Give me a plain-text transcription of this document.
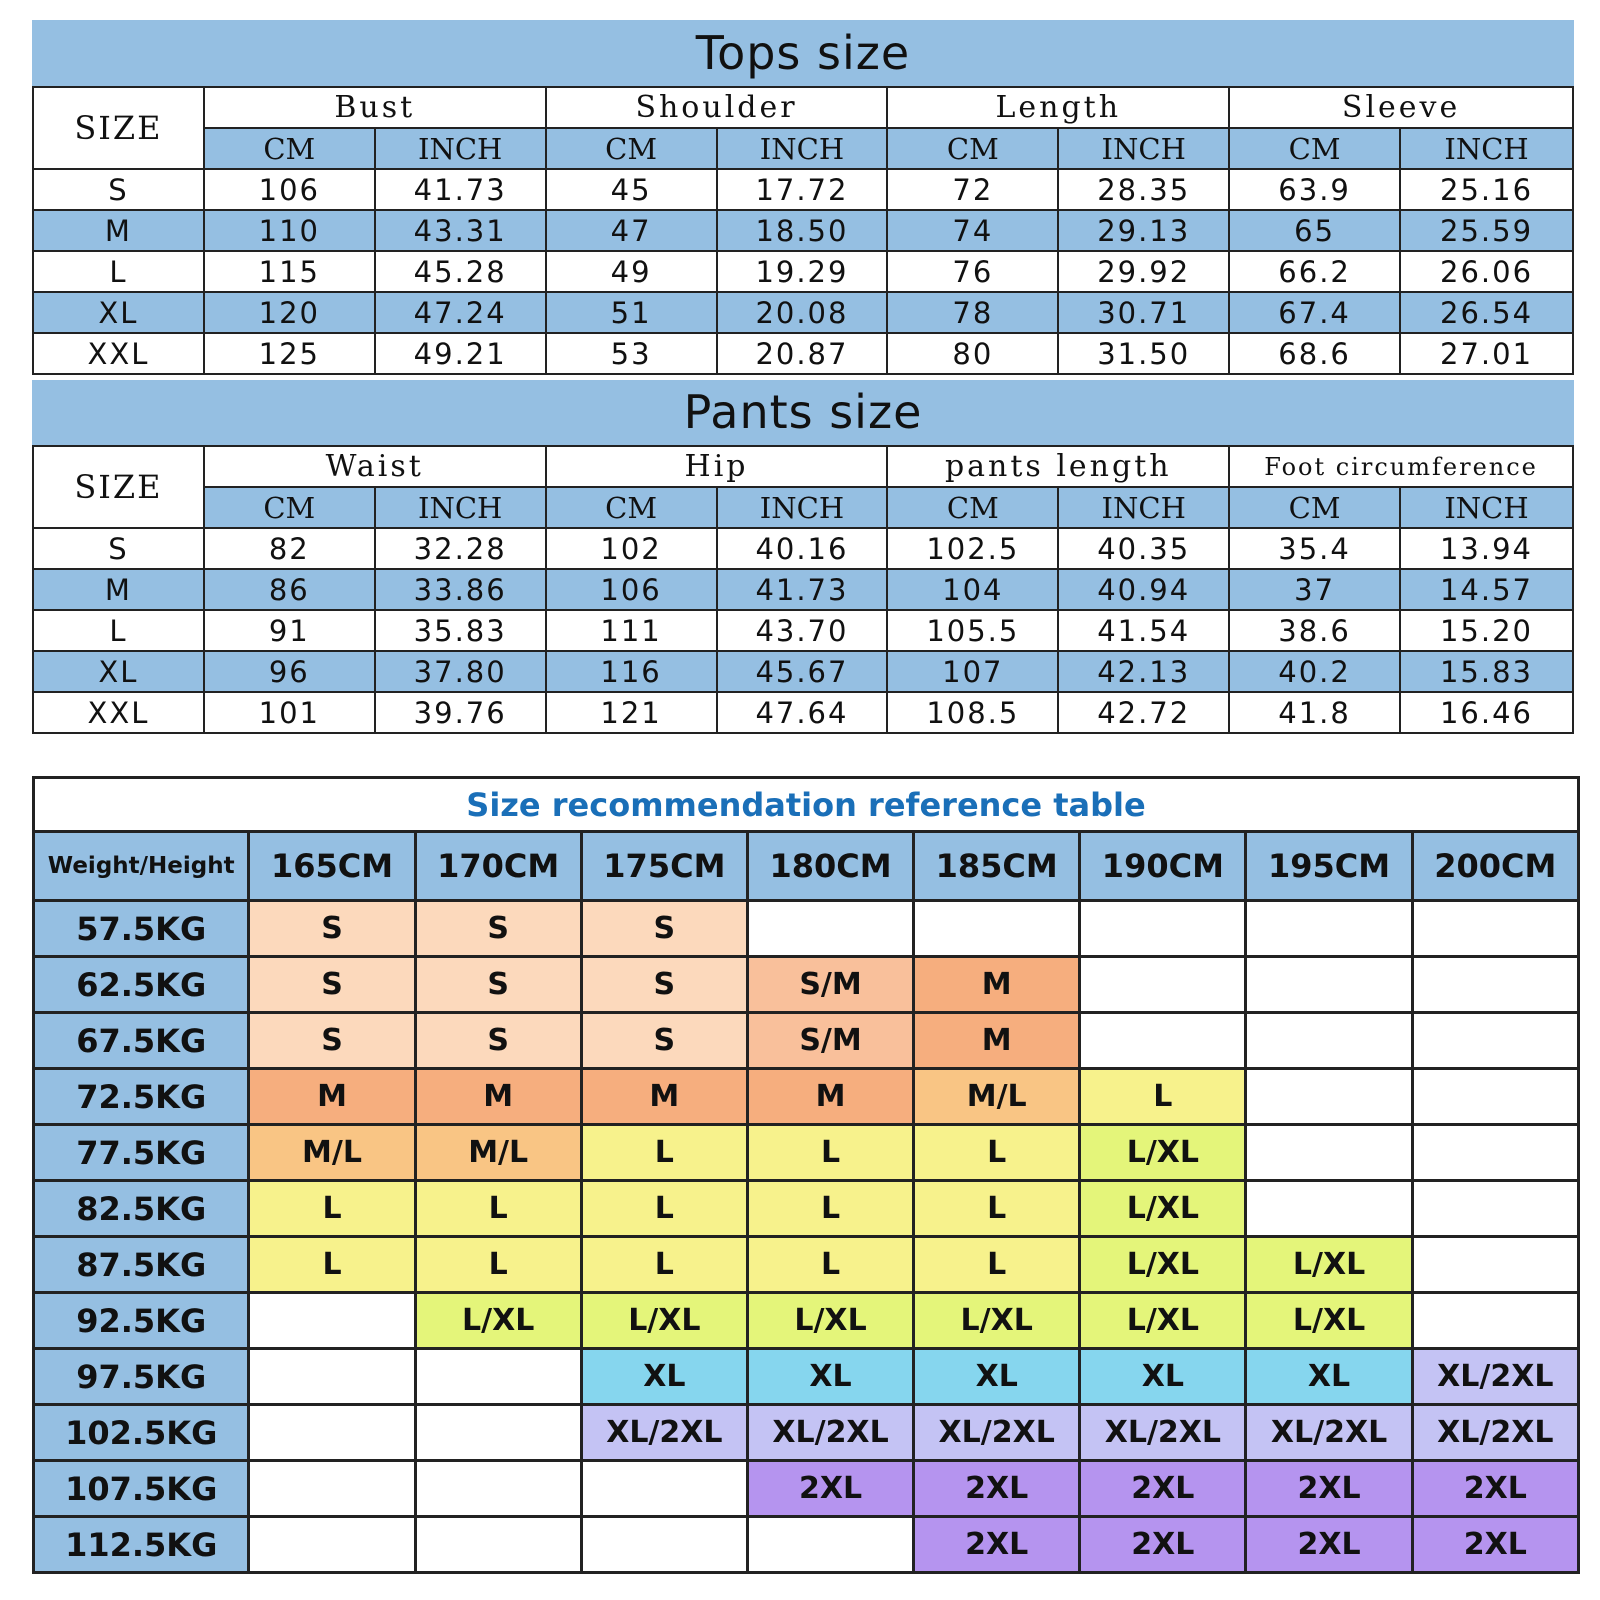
Tops size
SIZE	Bust		Shoulder		Length		Sleeve	
	CM	INCH	CM	INCH	CM	INCH	CM	INCH
S	106	41.73	45	17.72	72	28.35	63.9	25.16
M	110	43.31	47	18.50	74	29.13	65	25.59
L	115	45.28	49	19.29	76	29.92	66.2	26.06
XL	120	47.24	51	20.08	78	30.71	67.4	26.54
XXL	125	49.21	53	20.87	80	31.50	68.6	27.01
Pants size
SIZE	Waist		Hip		pants length		Foot circumference	
	CM	INCH	CM	INCH	CM	INCH	CM	INCH
S	82	32.28	102	40.16	102.5	40.35	35.4	13.94
M	86	33.86	106	41.73	104	40.94	37	14.57
L	91	35.83	111	43.70	105.5	41.54	38.6	15.20
XL	96	37.80	116	45.67	107	42.13	40.2	15.83
XXL	101	39.76	121	47.64	108.5	42.72	41.8	16.46
Size recommendation reference table								
Weight/Height	165CM	170CM	175CM	180CM	185CM	190CM	195CM	200CM
57.5KG	S	S	S					
62.5KG	S	S	S	S/M	M			
67.5KG	S	S	S	S/M	M			
72.5KG	M	M	M	M	M/L	L		
77.5KG	M/L	M/L	L	L	L	L/XL		
82.5KG	L	L	L	L	L	L/XL		
87.5KG	L	L	L	L	L	L/XL	L/XL	
92.5KG		L/XL	L/XL	L/XL	L/XL	L/XL	L/XL	
97.5KG			XL	XL	XL	XL	XL	XL/2XL
102.5KG			XL/2XL	XL/2XL	XL/2XL	XL/2XL	XL/2XL	XL/2XL
107.5KG				2XL	2XL	2XL	2XL	2XL
112.5KG					2XL	2XL	2XL	2XL
